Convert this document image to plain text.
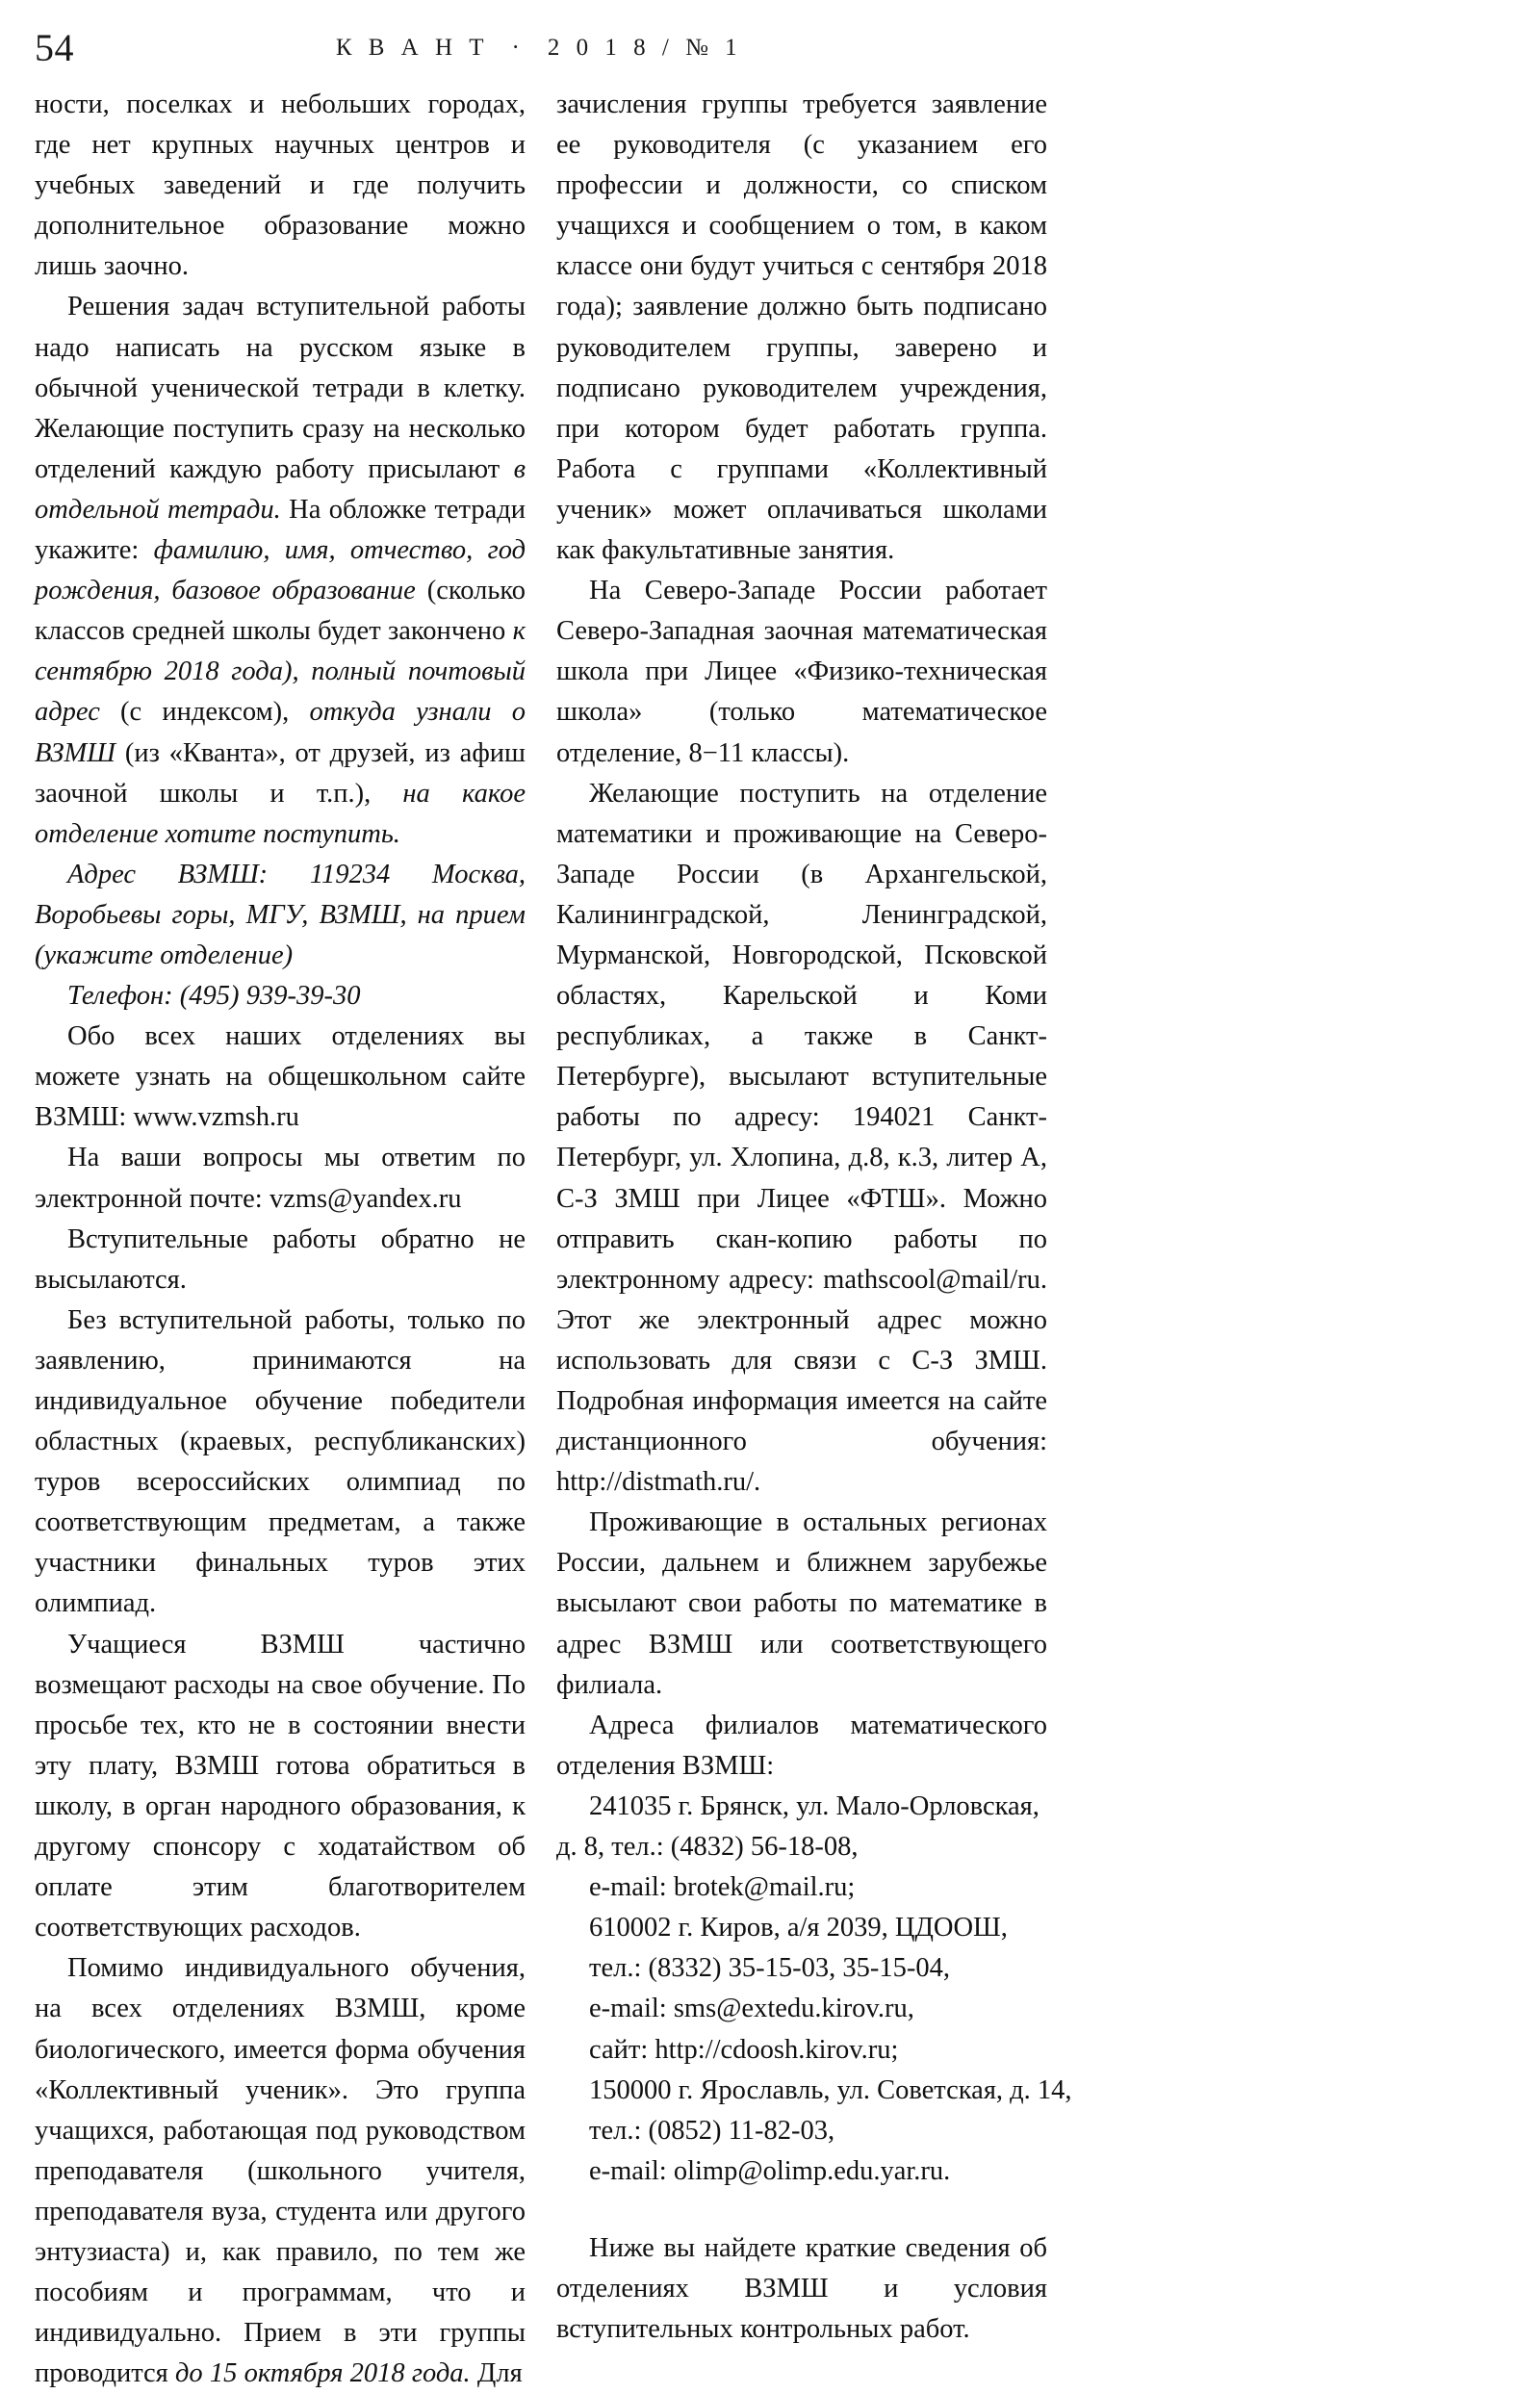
54	К В А Н Т  ·  2 0 1 8 / № 1

ности, поселках и небольших городах, где нет крупных научных центров и учебных заведений и где получить дополнительное образование можно лишь заочно.

Решения задач вступительной работы надо написать на русском языке в обычной ученической тетради в клетку. Желающие поступить сразу на несколько отделений каждую работу присылают в отдельной тетради. На обложке тетради укажите: фамилию, имя, отчество, год рождения, базовое образование (сколько классов средней школы будет закончено к сентябрю 2018 года), полный почтовый адрес (с индексом), откуда узнали о ВЗМШ (из «Кванта», от друзей, из афиш заочной школы и т.п.), на какое отделение хотите поступить.

Адрес ВЗМШ: 119234 Москва, Воробьевы горы, МГУ, ВЗМШ, на прием (укажите отделение)

Телефон: (495) 939-39-30

Обо всех наших отделениях вы можете узнать на общешкольном сайте ВЗМШ: www.vzmsh.ru

На ваши вопросы мы ответим по электронной почте: vzms@yandex.ru

Вступительные работы обратно не высылаются.

Без вступительной работы, только по заявлению, принимаются на индивидуальное обучение победители областных (краевых, республиканских) туров всероссийских олимпиад по соответствующим предметам, а также участники финальных туров этих олимпиад.

Учащиеся ВЗМШ частично возмещают расходы на свое обучение. По просьбе тех, кто не в состоянии внести эту плату, ВЗМШ готова обратиться в школу, в орган народного образования, к другому спонсору с ходатайством об оплате этим благотворителем соответствующих расходов.

Помимо индивидуального обучения, на всех отделениях ВЗМШ, кроме биологического, имеется форма обучения «Коллективный ученик». Это группа учащихся, работающая под руководством преподавателя (школьного учителя, преподавателя вуза, студента или другого энтузиаста) и, как правило, по тем же пособиям и программам, что и индивидуально. Прием в эти группы проводится до 15 октября 2018 года. Для

зачисления группы требуется заявление ее руководителя (с указанием его профессии и должности, со списком учащихся и сообщением о том, в каком классе они будут учиться с сентября 2018 года); заявление должно быть подписано руководителем группы, заверено и подписано руководителем учреждения, при котором будет работать группа. Работа с группами «Коллективный ученик» может оплачиваться школами как факультативные занятия.

На Северо-Западе России работает Северо-Западная заочная математическая школа при Лицее «Физико-техническая школа» (только математическое отделение, 8−11 классы).

Желающие поступить на отделение математики и проживающие на Северо-Западе России (в Архангельской, Калининградской, Ленинградской, Мурманской, Новгородской, Псковской областях, Карельской и Коми республиках, а также в Санкт-Петербурге), высылают вступительные работы по адресу: 194021 Санкт-Петербург, ул. Хлопина, д.8, к.3, литер А, С-З ЗМШ при Лицее «ФТШ». Можно отправить скан-копию работы по электронному адресу: mathscool@mail/ru. Этот же электронный адрес можно использовать для связи с С-З ЗМШ. Подробная информация имеется на сайте дистанционного обучения: http://distmath.ru/.

Проживающие в остальных регионах России, дальнем и ближнем зарубежье высылают свои работы по математике в адрес ВЗМШ или соответствующего филиала.

Адреса филиалов математического отделения ВЗМШ:

241035 г. Брянск, ул. Мало-Орловская,
д. 8, тел.: (4832) 56-18-08,
e-mail: brotek@mail.ru;
610002 г. Киров, а/я 2039, ЦДООШ,
тел.: (8332) 35-15-03, 35-15-04,
e-mail: sms@extedu.kirov.ru,
сайт: http://cdoosh.kirov.ru;
150000 г. Ярославль, ул. Советская, д. 14,
тел.: (0852) 11-82-03,
e-mail: olimp@olimp.edu.yar.ru.

Ниже вы найдете краткие сведения об отделениях ВЗМШ и условия вступительных контрольных работ.
